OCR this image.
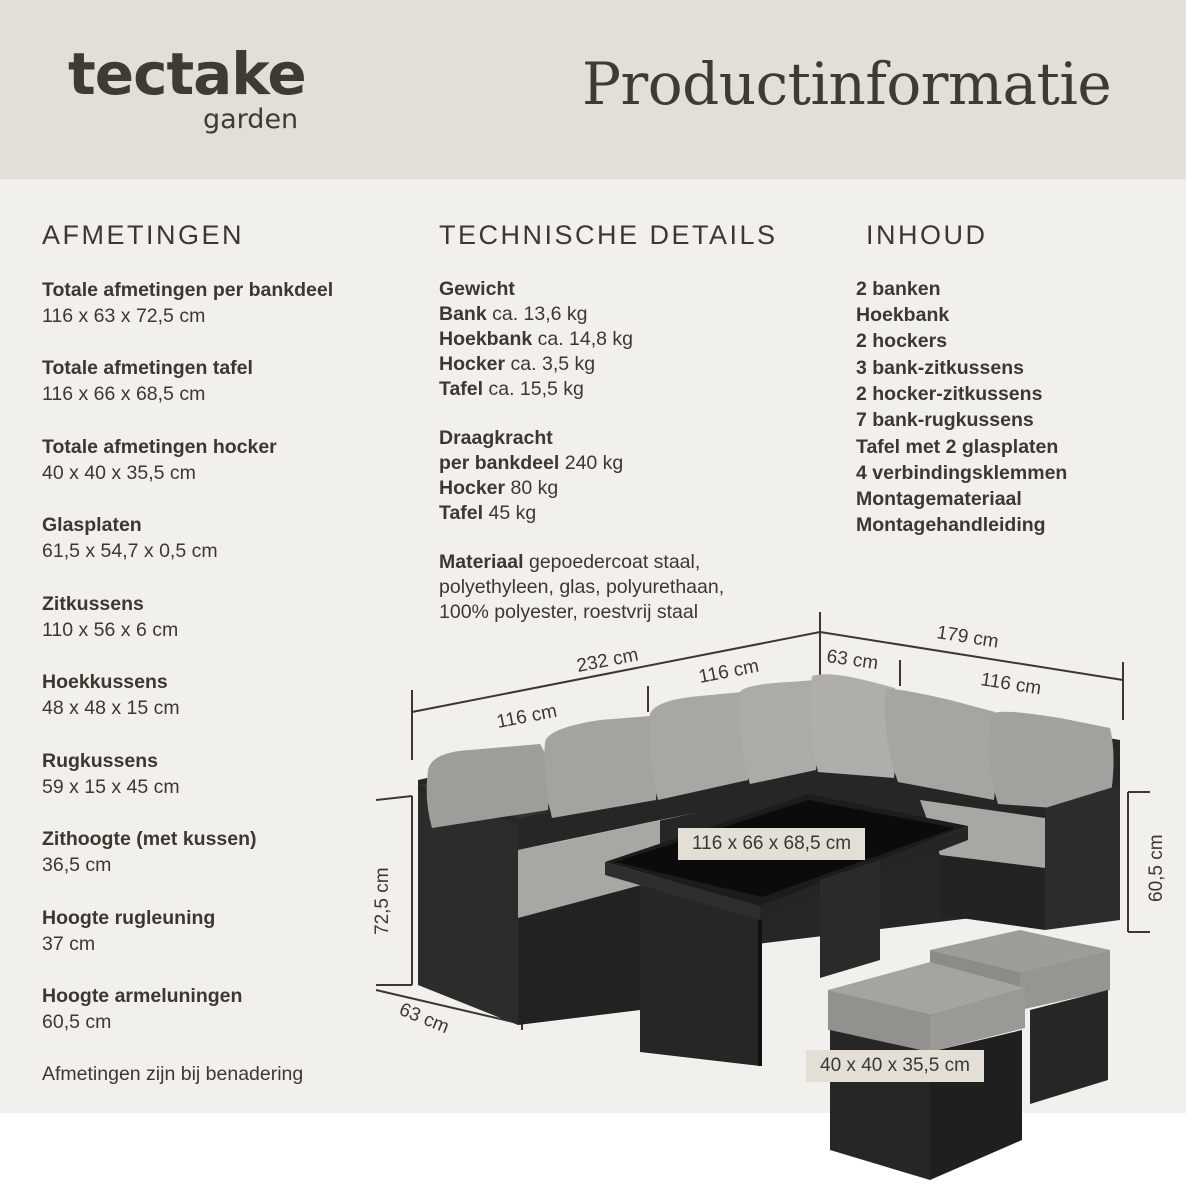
tectake
garden
Productinformatie
232 cm
116 cm
116 cm	63 cm
179 cm
116 cm
72,5 cm	60,5 cm
63 cm
AFMETINGEN
Totale afmetingen per bankdeel
116 x 63 x 72,5 cm
Totale afmetingen tafel
116 x 66 x 68,5 cm
Totale afmetingen hocker
40 x 40 x 35,5 cm
Glasplaten
61,5 x 54,7 x 0,5 cm
Zitkussens
110 x 56 x 6 cm
Hoekkussens
48 x 48 x 15 cm
Rugkussens
59 x 15 x 45 cm
Zithoogte (met kussen)
36,5 cm
Hoogte rugleuning
37 cm
Hoogte armeluningen
60,5 cm
Afmetingen zijn bij benadering
TECHNISCHE DETAILS
Gewicht
Bank ca. 13,6 kg
Hoekbank ca. 14,8 kg
Hocker ca. 3,5 kg
Tafel ca. 15,5 kg
Draagkracht
per bankdeel 240 kg
Hocker 80 kg
Tafel 45 kg
Materiaal gepoedercoat staal,
polyethyleen, glas, polyurethaan,
100% polyester, roestvrij staal
INHOUD
2 banken
Hoekbank
2 hockers
3 bank-zitkussens
2 hocker-zitkussens
7 bank-rugkussens
Tafel met 2 glasplaten
4 verbindingsklemmen
Montagemateriaal
Montagehandleiding
116 x 66 x 68,5 cm
40 x 40 x 35,5 cm
